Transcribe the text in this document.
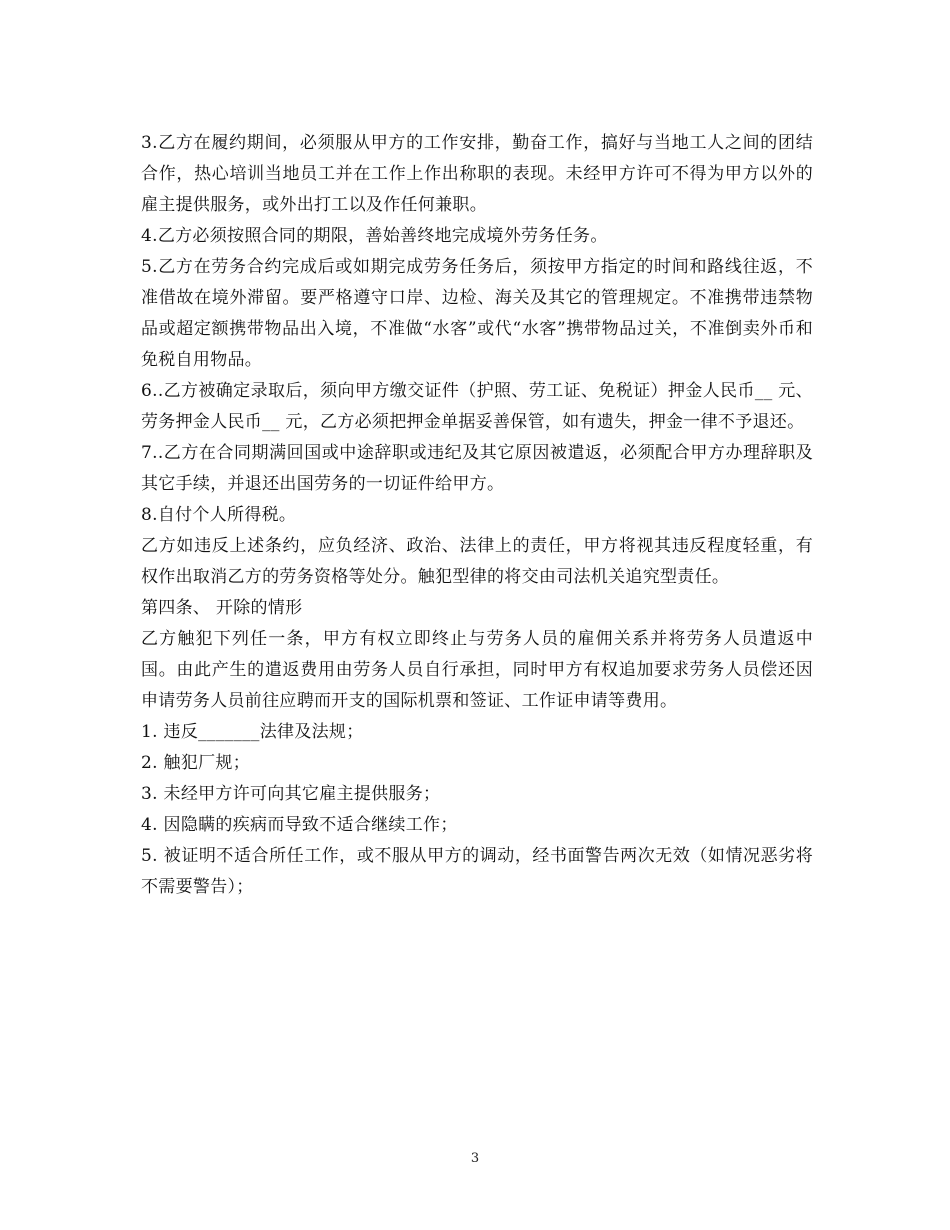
3.乙方在履约期间，必须服从甲方的工作安排，勤奋工作，搞好与当地工人之间的团结合作，热心培训当地员工并在工作上作出称职的表现。未经甲方许可不得为甲方以外的雇主提供服务，或外出打工以及作任何兼职。

4.乙方必须按照合同的期限，善始善终地完成境外劳务任务。

5.乙方在劳务合约完成后或如期完成劳务任务后，须按甲方指定的时间和路线往返，不准借故在境外滞留。要严格遵守口岸、边检、海关及其它的管理规定。不准携带违禁物品或超定额携带物品出入境，不准做“水客”或代“水客”携带物品过关，不准倒卖外币和免税自用物品。

6..乙方被确定录取后，须向甲方缴交证件（护照、劳工证、免税证）押金人民币__ 元、劳务押金人民币__ 元，乙方必须把押金单据妥善保管，如有遗失，押金一律不予退还。

7..乙方在合同期满回国或中途辞职或违纪及其它原因被遣返，必须配合甲方办理辞职及其它手续，并退还出国劳务的一切证件给甲方。

8.自付个人所得税。

乙方如违反上述条约，应负经济、政治、法律上的责任，甲方将视其违反程度轻重，有权作出取消乙方的劳务资格等处分。触犯型律的将交由司法机关追究型责任。

第四条、 开除的情形

乙方触犯下列任一条，甲方有权立即终止与劳务人员的雇佣关系并将劳务人员遣返中国。由此产生的遣返费用由劳务人员自行承担，同时甲方有权追加要求劳务人员偿还因申请劳务人员前往应聘而开支的国际机票和签证、工作证申请等费用。

1. 违反_______法律及法规；

2. 触犯厂规；

3. 未经甲方许可向其它雇主提供服务；

4. 因隐瞒的疾病而导致不适合继续工作；

5. 被证明不适合所任工作，或不服从甲方的调动，经书面警告两次无效（如情况恶劣将不需要警告）；

3
